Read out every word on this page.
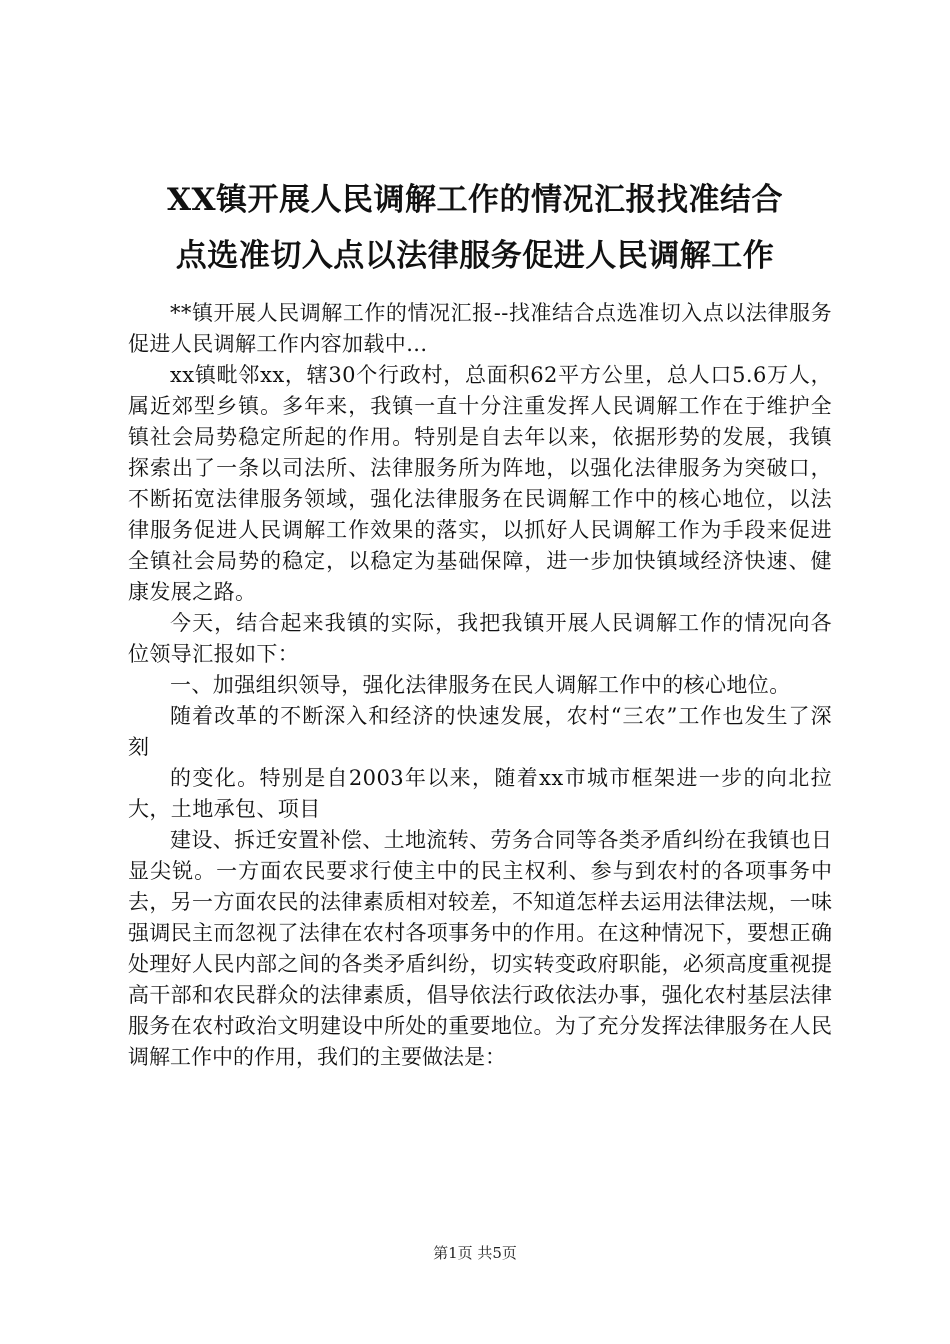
XX镇开展人民调解工作的情况汇报找准结合
点选准切入点以法律服务促进人民调解工作

**镇开展人民调解工作的情况汇报--找准结合点选准切入点以法律服务促进人民调解工作内容加载中...

xx镇毗邻xx，辖30个行政村，总面积62平方公里，总人口5.6万人，属近郊型乡镇。多年来，我镇一直十分注重发挥人民调解工作在于维护全镇社会局势稳定所起的作用。特别是自去年以来，依据形势的发展，我镇探索出了一条以司法所、法律服务所为阵地，以强化法律服务为突破口，不断拓宽法律服务领域，强化法律服务在民调解工作中的核心地位，以法律服务促进人民调解工作效果的落实，以抓好人民调解工作为手段来促进全镇社会局势的稳定，以稳定为基础保障，进一步加快镇域经济快速、健康发展之路。

今天，结合起来我镇的实际，我把我镇开展人民调解工作的情况向各位领导汇报如下：

一、加强组织领导，强化法律服务在民人调解工作中的核心地位。

随着改革的不断深入和经济的快速发展，农村“三农”工作也发生了深刻

的变化。特别是自2003年以来，随着xx市城市框架进一步的向北拉大，土地承包、项目

建设、拆迁安置补偿、土地流转、劳务合同等各类矛盾纠纷在我镇也日显尖锐。一方面农民要求行使主中的民主权利、参与到农村的各项事务中去，另一方面农民的法律素质相对较差，不知道怎样去运用法律法规，一味强调民主而忽视了法律在农村各项事务中的作用。在这种情况下，要想正确处理好人民内部之间的各类矛盾纠纷，切实转变政府职能，必须高度重视提高干部和农民群众的法律素质，倡导依法行政依法办事，强化农村基层法律服务在农村政治文明建设中所处的重要地位。为了充分发挥法律服务在人民调解工作中的作用，我们的主要做法是：

第1页 共5页
